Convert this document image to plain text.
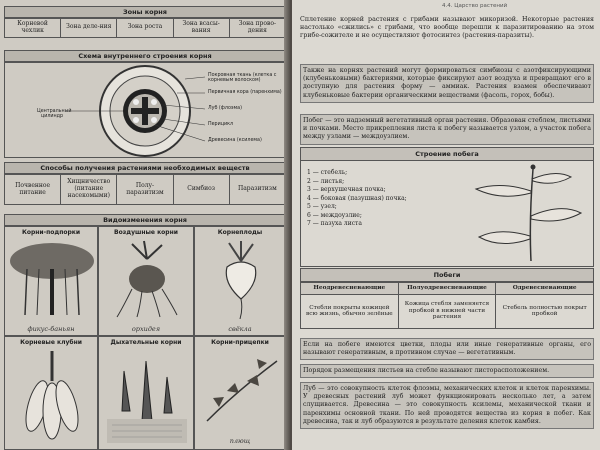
Зоны корня
Корневой чехлик	Зона деле-ния	Зона роста	Зона всасы-вания	Зона прово-дения
Схема внутреннего строения корня
Центральный цилиндр
Покровная ткань (клетка с корневым волоском)
Первичная кора (паренхима)
Луб (флоэма)
Перицикл
Древесина (ксилема)
Способы получения растениями необходимых веществ
Почвенное питание	Хищничество (питание насекомыми)	Полу-паразитизм	Симбиоз	Паразитизм
Видоизменения корня
Корни-подпорки
фикус-баньян
Воздушные корни
орхидея
Корнеплоды
свёкла
Корневые клубни	Дыхательные корни	Корни-прицепки
плющ
4.4. Царство растений
Сплетение корней растения с грибами называют микоризой. Некоторые растения настолько «сжились» с грибами, что вообще перешли к паразитированию на этом грибе-сожителе и не осуществляют фотосинтез (растения-паразиты).
Также на корнях растений могут формироваться симбиозы с азотфиксирующими (клубеньковыми) бактериями, которые фиксируют азот воздуха и превращают его в доступную для растения форму — аммиак. Растения взамен обеспечивают клубеньковые бактерии органическими веществами (фасоль, горох, бобы).
Побег — это надземный вегетативный орган растения. Образован стеблем, листьями и почками. Место прикрепления листа к побегу называется узлом, а участок побега между узлами — междоузлием.
Строение побега
1 — стебель;
2 — листья;
3 — верхушечная почка;
4 — боковая (пазушная) почка;
5 — узел;
6 — междоузлие;
7 — пазуха листа
Побеги
Неодревесневающие	Полуодревесневающие	Одревесневающие
Стебли покрыты кожицей всю жизнь, обычно зелёные	Кожица стебля заменяется пробкой в нижней части растения	Стебель полностью покрыт пробкой
Если на побеге имеются цветки, плоды или иные генеративные органы, его называют генеративным, в противном случае — вегетативным.
Порядок размещения листьев на стебле называют листорасположением.
Луб — это совокупность клеток флоэмы, механических клеток и клеток паренхимы. У древесных растений луб может функционировать несколько лет, а затем слущивается. Древесина — это совокупность ксилемы, механической ткани и паренхимы основной ткани. По ней проводятся вещества из корня в побег. Как древесина, так и луб образуются в результате деления клеток камбия.
